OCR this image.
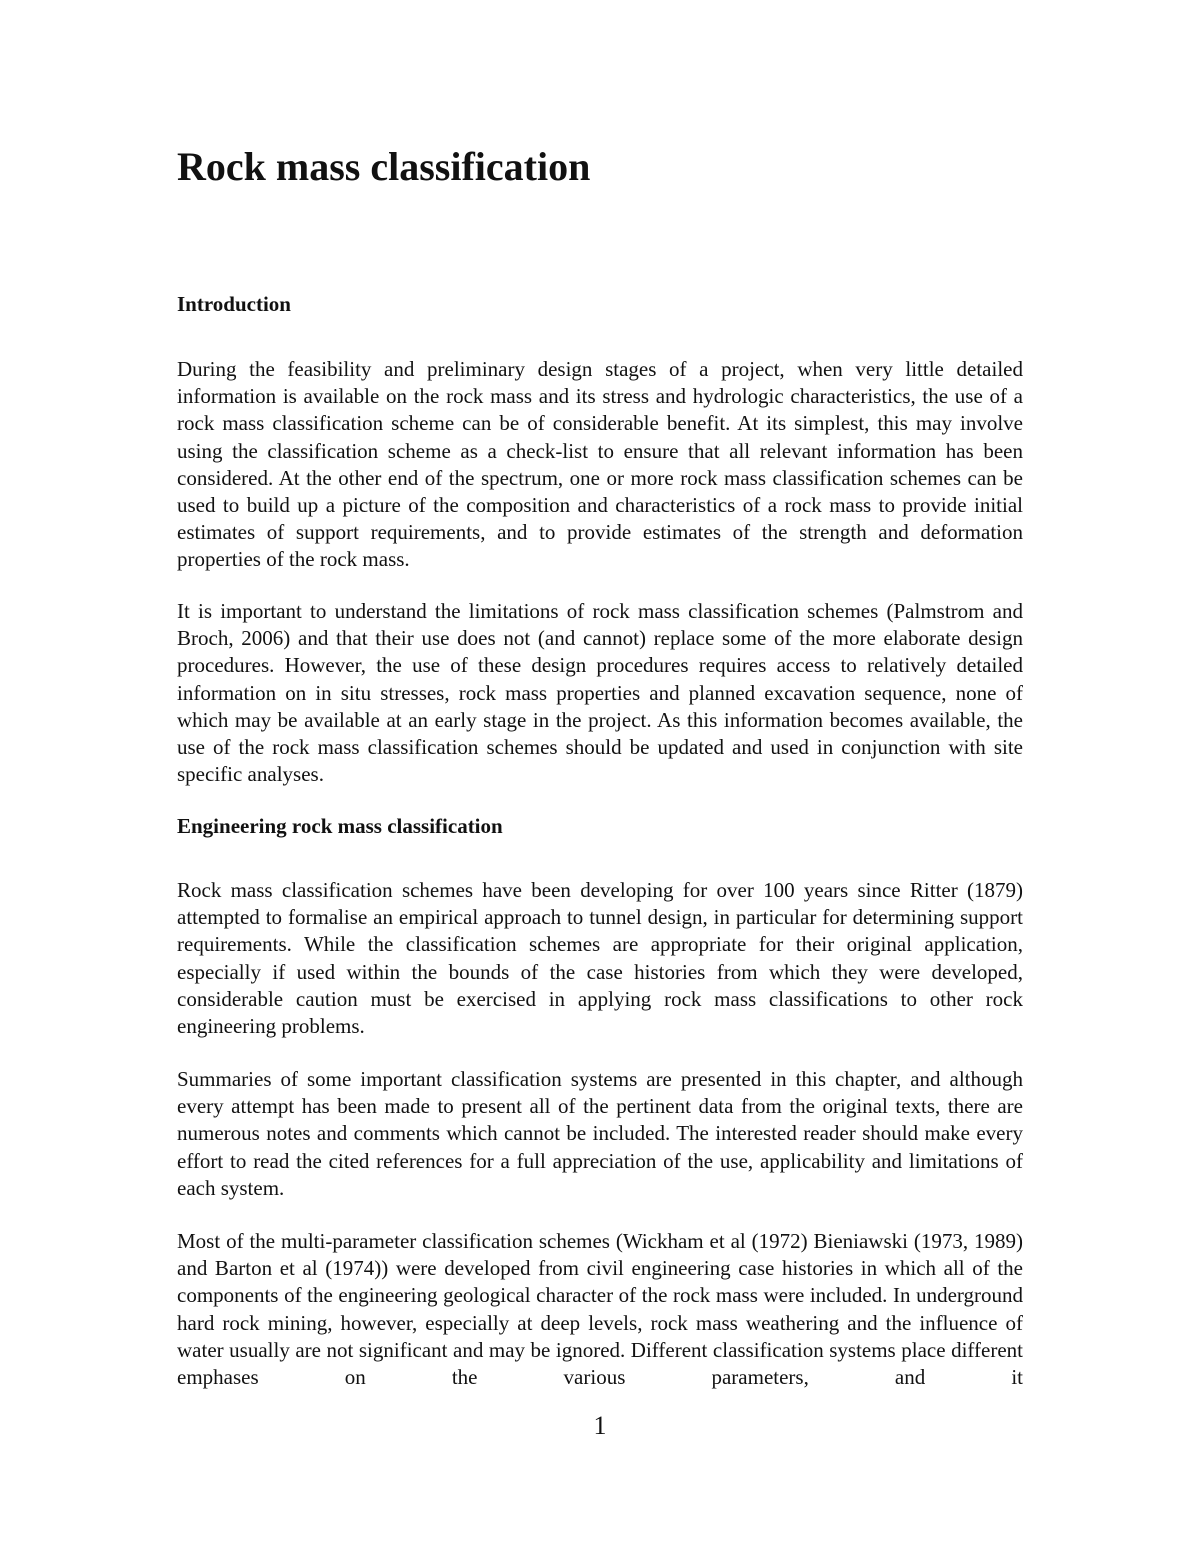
Rock mass classification
Introduction

During the feasibility and preliminary design stages of a project, when very little detailed information is available on the rock mass and its stress and hydrologic characteristics, the use of a rock mass classification scheme can be of considerable benefit. At its simplest, this may involve using the classification scheme as a check-list to ensure that all relevant information has been considered. At the other end of the spectrum, one or more rock mass classification schemes can be used to build up a picture of the composition and characteristics of a rock mass to provide initial estimates of support requirements, and to provide estimates of the strength and deformation properties of the rock mass.

It is important to understand the limitations of rock mass classification schemes (Palmstrom and Broch, 2006) and that their use does not (and cannot) replace some of the more elaborate design procedures. However, the use of these design procedures requires access to relatively detailed information on in situ stresses, rock mass properties and planned excavation sequence, none of which may be available at an early stage in the project. As this information becomes available, the use of the rock mass classification schemes should be updated and used in conjunction with site specific analyses.

Engineering rock mass classification

Rock mass classification schemes have been developing for over 100 years since Ritter (1879) attempted to formalise an empirical approach to tunnel design, in particular for determining support requirements. While the classification schemes are appropriate for their original application, especially if used within the bounds of the case histories from which they were developed, considerable caution must be exercised in applying rock mass classifications to other rock engineering problems.

Summaries of some important classification systems are presented in this chapter, and although every attempt has been made to present all of the pertinent data from the original texts, there are numerous notes and comments which cannot be included. The interested reader should make every effort to read the cited references for a full appreciation of the use, applicability and limitations of each system.

Most of the multi-parameter classification schemes (Wickham et al (1972) Bieniawski (1973, 1989) and Barton et al (1974)) were developed from civil engineering case histories in which all of the components of the engineering geological character of the rock mass were included. In underground hard rock mining, however, especially at deep levels, rock mass weathering and the influence of water usually are not significant and may be ignored. Different classification systems place different emphases on the various parameters, and it

1
